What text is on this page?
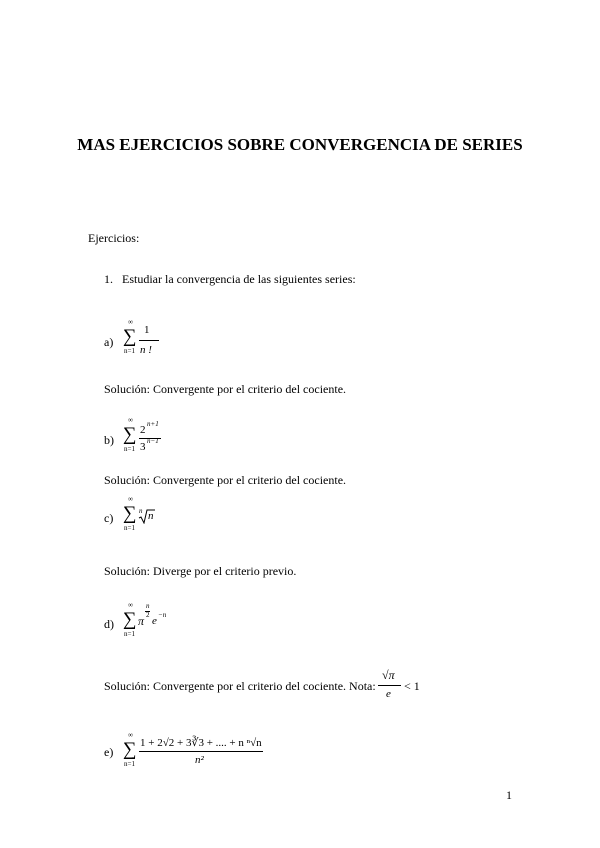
MAS EJERCICIOS SOBRE CONVERGENCIA DE SERIES
Ejercicios:
1. Estudiar la convergencia de las siguientes series:
a)
∞
∑
n=1
1
n !
Solución: Convergente por el criterio del cociente.
b)
∞
∑
n=1
2 n+1
3 n−1
Solución: Convergente por el criterio del cociente.
c)
∞
∑
n=1
n n
Solución: Diverge por el criterio previo.
d)
∞
∑
n=1
π
n
2 e −n
Solución: Convergente por el criterio del cociente. Nota:
√π
e
< 1
e)
∞
∑
n=1
1 + 2√2 + 3∛3 + .... + n ⁿ√n
n²
1
